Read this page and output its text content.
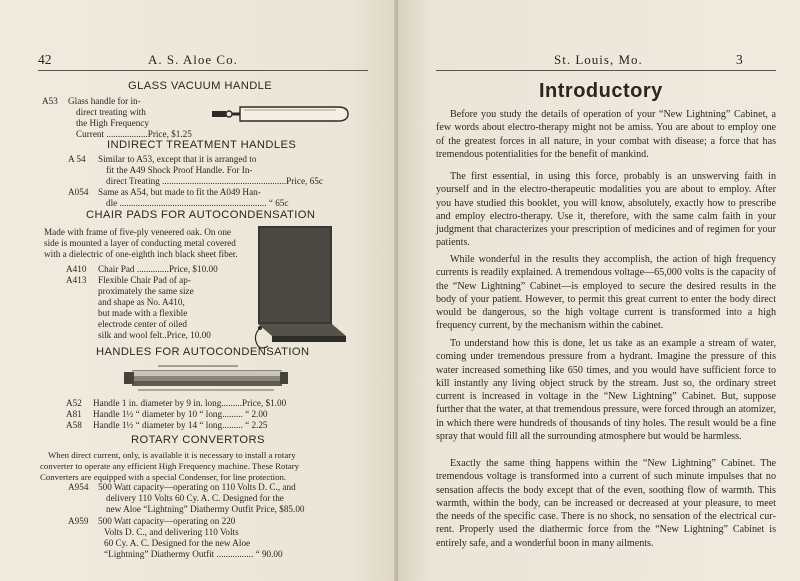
42	A. S. Aloe Co.
GLASS VACUUM HANDLE
A53 Glass handle for in-
direct treating with
the High Frequency
Current ..................Price, $1.25
INDIRECT TREATMENT HANDLES
A 54 Similar to A53, except that it is arranged to
fit the A49 Shock Proof Handle. For In-
direct Treating ......................................................Price, 65c
A054 Same as A54, but made to fit the A049 Han-
dle ................................................................ “ 65c
CHAIR PADS FOR AUTOCONDENSATION
Made with frame of five-ply veneered oak. On one
side is mounted a layer of conducting metal covered
with a dielectric of one-eighth inch black sheet fiber.
A410 Chair Pad ..............Price, $10.00
A413 Flexible Chair Pad of ap-
proximately the same size
and shape as No. A410,
but made with a flexible
electrode center of oiled
silk and wool felt..Price, 10.00
HANDLES FOR AUTOCONDENSATION
A52 Handle 1 in. diameter by 9 in. long.........Price, $1.00
A81 Handle 1½ “ diameter by 10 “ long......... “ 2.00
A58 Handle 1½ “ diameter by 14 “ long......... “ 2.25
ROTARY CONVERTORS
When direct current, only, is available it is necessary to install a rotary
converter to operate any efficient High Frequency machine. These Rotary
Converters are equipped with a special Condenser, for line protection.
A954 500 Watt capacity—operating on 110 Volts D. C., and
delivery 110 Volts 60 Cy. A. C. Designed for the
new Aloe “Lightning” Diathermy Outfit Price, $85.00
A959 500 Watt capacity—operating on 220
Volts D. C., and delivering 110 Volts
60 Cy. A. C. Designed for the new Aloe
“Lightning” Diathermy Outfit ................ “ 90.00
St. Louis, Mo.	3
Introductory

Before you study the details of operation of your “New Lightning” Cabinet, a few words about electro-therapy might not be amiss. You are about to employ one of the greatest forces in all nature, in your combat with disease; a force that has tremendous potentialities for the benefit of mankind.

The first essential, in using this force, probably is an unswerving faith in yourself and in the electro-therapeutic modalities you are about to employ. After you have studied this booklet, you will know, absolutely, exactly how to prescribe and employ electro-therapy. Use it, therefore, with the same calm faith in your judgment that characterizes your prescription of medicines and of regimen for your patients.

While wonderful in the results they accomplish, the action of high frequency currents is readily explained. A tremendous voltage—65,000 volts is the capacity of the “New Lightning” Cabinet—is employed to secure the desired results in the body of your patient. However, to permit this great current to enter the body direct would be dangerous, so the high voltage current is transformed into a high frequency current, by the mechanism within the cabinet.

To understand how this is done, let us take as an example a stream of water, coming under tremendous pressure from a hydrant. Imagine the pressure of this water increased something like 650 times, and you would have sufficient force to kill instantly any living object struck by the stream. Just so, the ordinary street current is increased in voltage in the “New Lightning” Cabinet. But, suppose further that the water, at that tremendous pressure, were forced through an atomizer, in which there were hundreds of thousands of tiny holes. The result would be a fine spray that would fill all the surrounding atmosphere but would be harmless.

Exactly the same thing happens within the “New Lightning” Cabinet. The tremendous voltage is transformed into a current of such minute impulses that no sensation affects the body except that of the even, soothing flow of warmth. This warmth, within the body, can be increased or decreased at your pleasure, to meet the needs of the specific case. There is no shock, no sensation of the electrical current. Properly used the diathermic force from the “New Lightning” Cabinet is entirely safe, and a wonderful boon in many ailments.
